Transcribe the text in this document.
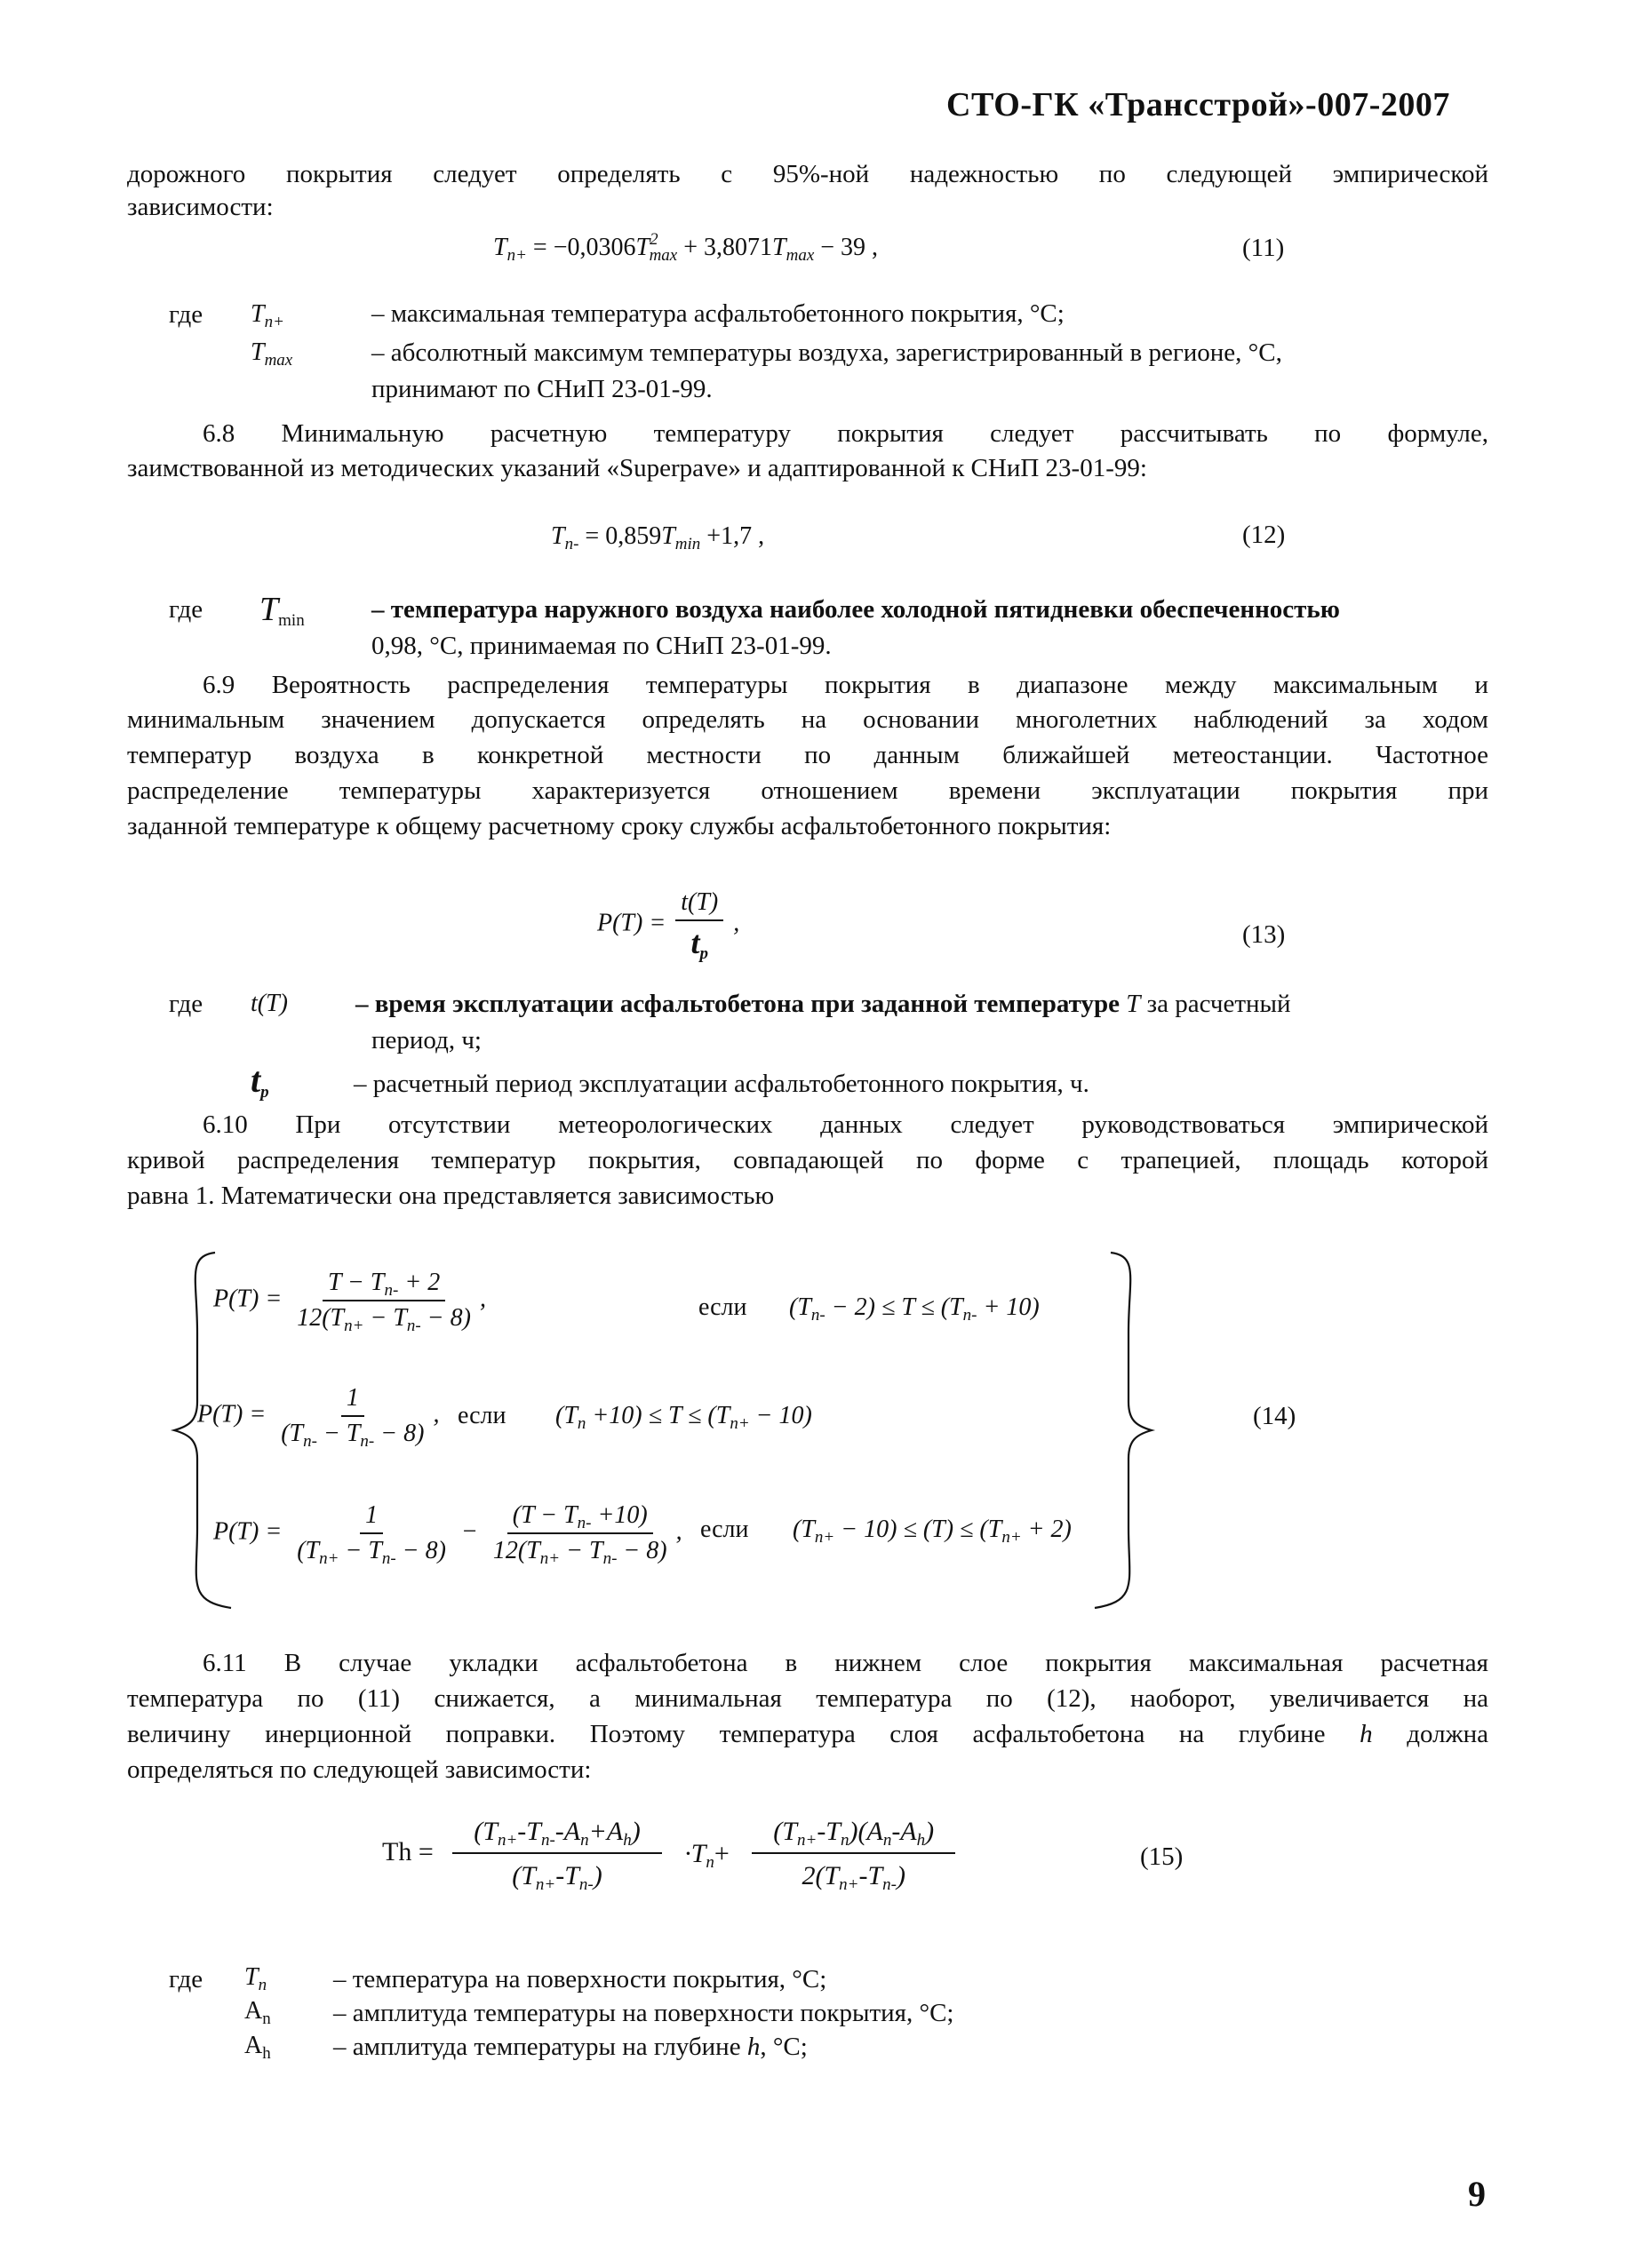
СТО-ГК «Трансстрой»-007-2007
дорожного покрытия следует определять с 95%-ной надежностью по следующей эмпирической
зависимости:
$T_{n+} = -0,0306T^2_{max} + 3,8071T_{max} - 39$ ,	(11)
где $T_{n+}$	– максимальная температура асфальтобетонного покрытия, °С;
$T_{max}$	– абсолютный максимум температуры воздуха, зарегистрированный в регионе, °С,
принимают по СНиП 23-01-99.
6.8 Минимальную расчетную температуру покрытия следует рассчитывать по формуле,
заимствованной из методических указаний «Superpave» и адаптированной к СНиП 23-01-99:
$T_{n-} = 0,859T_{min} +1,7$ ,	(12)
где $T_{min}$	– температура наружного воздуха наиболее холодной пятидневки обеспеченностью
0,98, °С, принимаемая по СНиП 23-01-99.
6.9 Вероятность распределения температуры покрытия в диапазоне между максимальным и
минимальным значением допускается определять на основании многолетних наблюдений за ходом
температур воздуха в конкретной местности по данным ближайшей метеостанции. Частотное
распределение температуры характеризуется отношением времени эксплуатации покрытия при
заданной температуре к общему расчетному сроку службы асфальтобетонного покрытия:
$P(T) = \frac{t(T)}{t_p}$ ,	(13)
где t(T)	– время эксплуатации асфальтобетона при заданной температуре T за расчетный
период, ч;
$t_p$	– расчетный период эксплуатации асфальтобетонного покрытия, ч.
6.10 При отсутствии метеорологических данных следует руководствоваться эмпирической
кривой распределения температур покрытия, совпадающей по форме с трапецией, площадь которой
равна 1. Математически она представляется зависимостью
$P(T) = \frac{T - T_{n-} + 2}{12(T_{n+} - T_{n-} - 8)}$ ,	если $(T_{n-} - 2) \le T \le (T_{n-} + 10)$
$P(T) = \frac{1}{(T_{n-} - T_{n-} - 8)}$ , если $(T_n +10) \le T \le (T_{n+} - 10)$	(14)
$P(T) = \frac{1}{(T_{n+} - T_{n-} - 8)} - \frac{(T - T_{n-} +10)}{12(T_{n+} - T_{n-} - 8)}$ , если $(T_{n+} - 10) \le (T) \le (T_{n+} + 2)$
6.11 В случае укладки асфальтобетона в нижнем слое покрытия максимальная расчетная
температура по (11) снижается, а минимальная температура по (12), наоборот, увеличивается на
величину инерционной поправки. Поэтому температура слоя асфальтобетона на глубине h должна
определяться по следующей зависимости:
$Th = \frac{(T_{n+}-T_{n-}-A_n+A_h)}{(T_{n+}-T_{n-})} \cdot T_n+ \frac{(T_{n+}-T_n)(A_n-A_h)}{2(T_{n+}-T_{n-})}$	(15)
где $T_n$	– температура на поверхности покрытия, °С;
$A_n$ – амплитуда температуры на поверхности покрытия, °С;
$A_h$ – амплитуда температуры на глубине h, °С;
9
